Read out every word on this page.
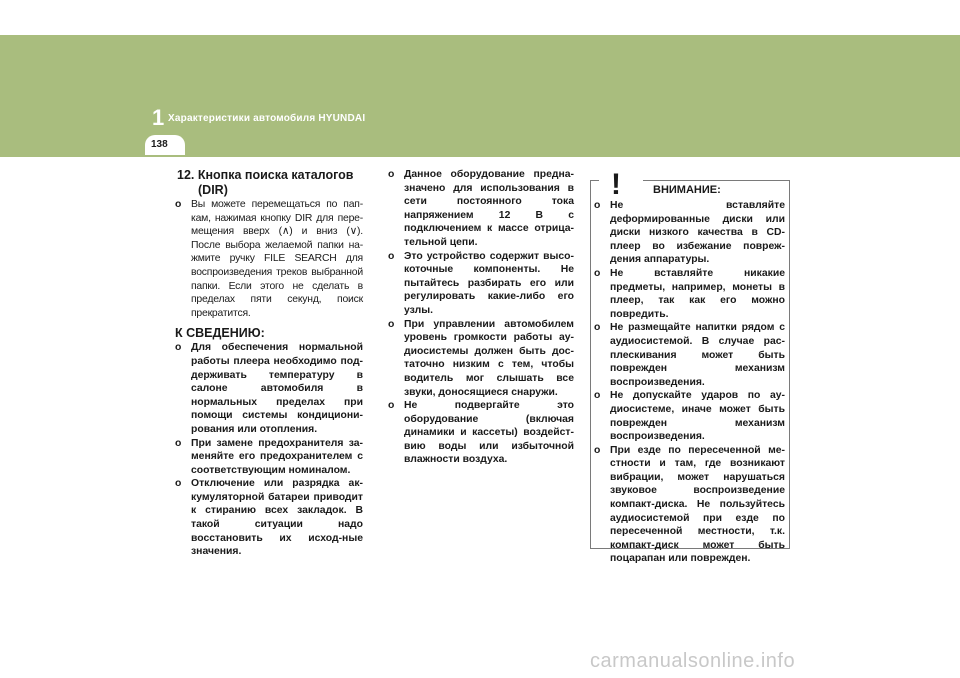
1 Характеристики автомобиля HYUNDAI
138
12. Кнопка поиска каталогов
(DIR)
o Вы можете перемещаться по пап-кам, нажимая кнопку DIR для пере-мещения вверх (∧) и вниз (∨). После выбора желаемой папки на-жмите ручку FILE SEARCH для воспроизведения треков выбранной папки. Если этого не сделать в пределах пяти секунд, поиск прекратится.
К СВЕДЕНИЮ:
o Для обеспечения нормальной работы плеера необходимо под-держивать температуру в салоне автомобиля в нормальных пределах при помощи системы кондициони-рования или отопления.
o При замене предохранителя за-меняйте его предохранителем с соответствующим номиналом.
o Отключение или разрядка ак-кумуляторной батареи приводит к стиранию всех закладок. В такой ситуации надо восстановить их исход-ные значения.
o Данное оборудование предна-значено для использования в сети постоянного тока напряжением 12 В с подключением к массе отрица-тельной цепи.
o Это устройство содержит высо-коточные компоненты. Не пытайтесь разбирать его или регулировать какие-либо его узлы.
o При управлении автомобилем уровень громкости работы ау-диосистемы должен быть дос-таточно низким с тем, чтобы водитель мог слышать все звуки, доносящиеся снаружи.
o Не подвергайте это оборудование (включая динамики и кассеты) воздейст-вию воды или избыточной влажности воздуха.
!	ВНИМАНИЕ:
o Не вставляйте деформированные диски или диски низкого качества в CD-плеер во избежание повреж-дения аппаратуры.
o Не вставляйте никакие предметы, например, монеты в плеер, так как его можно повредить.
o Не размещайте напитки рядом с аудиосистемой. В случае рас-плескивания может быть поврежден механизм воспроизведения.
o Не допускайте ударов по ау-диосистеме, иначе может быть поврежден механизм воспроизведения.
o При езде по пересеченной ме-стности и там, где возникают вибрации, может нарушаться звуковое воспроизведение компакт-диска. Не пользуйтесь аудиосистемой при езде по пересеченной местности, т.к. компакт-диск может быть поцарапан или поврежден.
carmanualsonline.info
